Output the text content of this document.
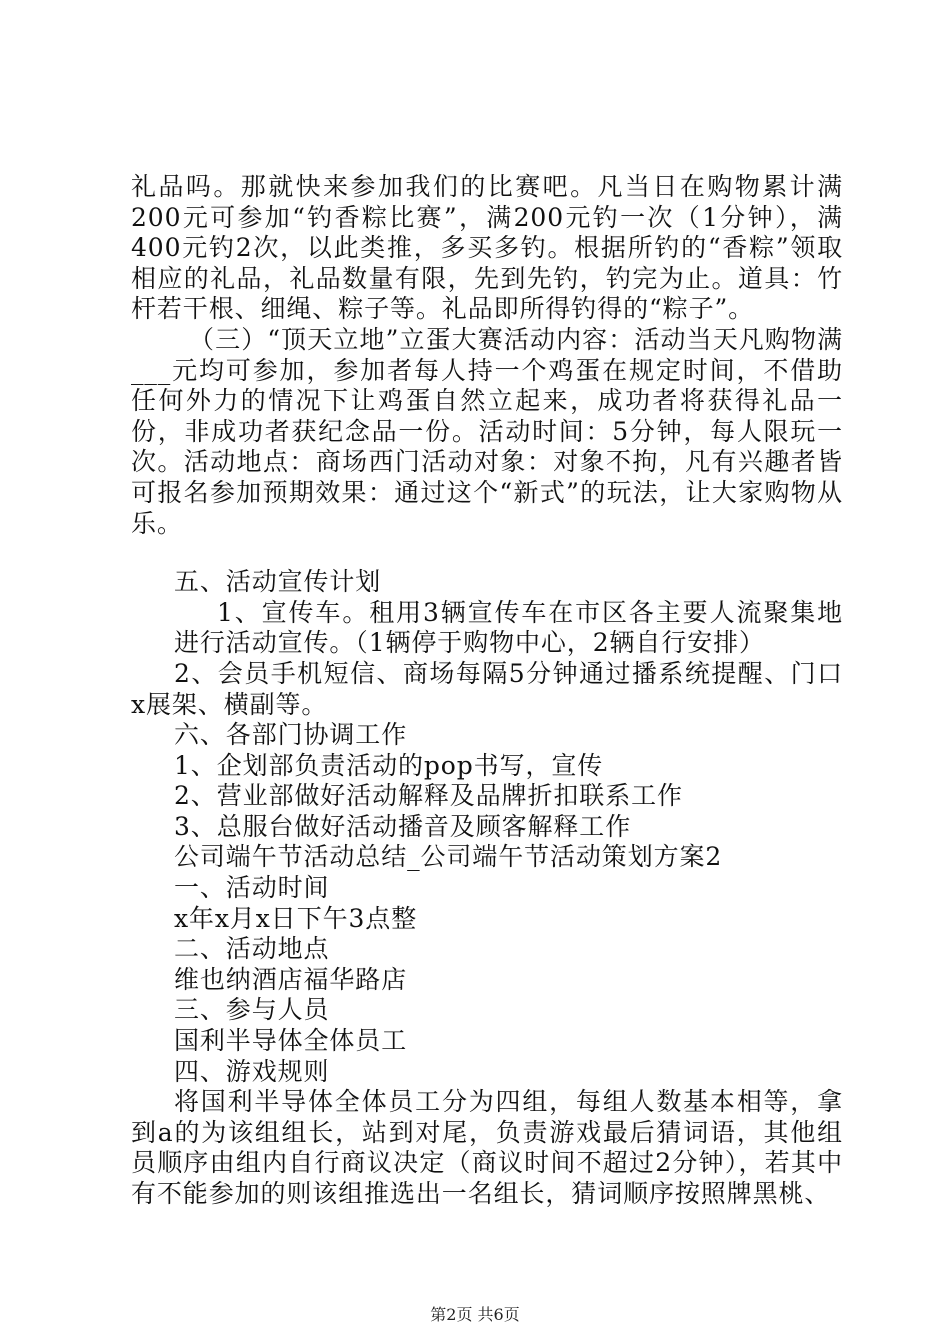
礼品吗。那就快来参加我们的比赛吧。凡当日在购物累计满200元可参加“钓香粽比赛”，满200元钓一次（1分钟），满400元钓2次，以此类推，多买多钓。根据所钓的“香粽”领取相应的礼品，礼品数量有限，先到先钓，钓完为止。道具：竹杆若干根、细绳、粽子等。礼品即所得钓得的“粽子”。

（三）“顶天立地”立蛋大赛活动内容：活动当天凡购物满___元均可参加，参加者每人持一个鸡蛋在规定时间，不借助任何外力的情况下让鸡蛋自然立起来，成功者将获得礼品一份，非成功者获纪念品一份。活动时间：5分钟，每人限玩一次。活动地点：商场西门活动对象：对象不拘，凡有兴趣者皆可报名参加预期效果：通过这个“新式”的玩法，让大家购物从乐。

五、活动宣传计划

1、宣传车。租用3辆宣传车在市区各主要人流聚集地进行活动宣传。（1辆停于购物中心，2辆自行安排）

2、会员手机短信、商场每隔5分钟通过播系统提醒、门口x展架、横副等。

六、各部门协调工作

1、企划部负责活动的pop书写，宣传

2、营业部做好活动解释及品牌折扣联系工作

3、总服台做好活动播音及顾客解释工作

公司端午节活动总结_公司端午节活动策划方案2

一、活动时间

x年x月x日下午3点整

二、活动地点

维也纳酒店福华路店

三、参与人员

国利半导体全体员工

四、游戏规则

将国利半导体全体员工分为四组，每组人数基本相等，拿到a的为该组组长，站到对尾，负责游戏最后猜词语，其他组员顺序由组内自行商议决定（商议时间不超过2分钟），若其中有不能参加的则该组推选出一名组长，猜词顺序按照牌黑桃、

第2页 共6页
